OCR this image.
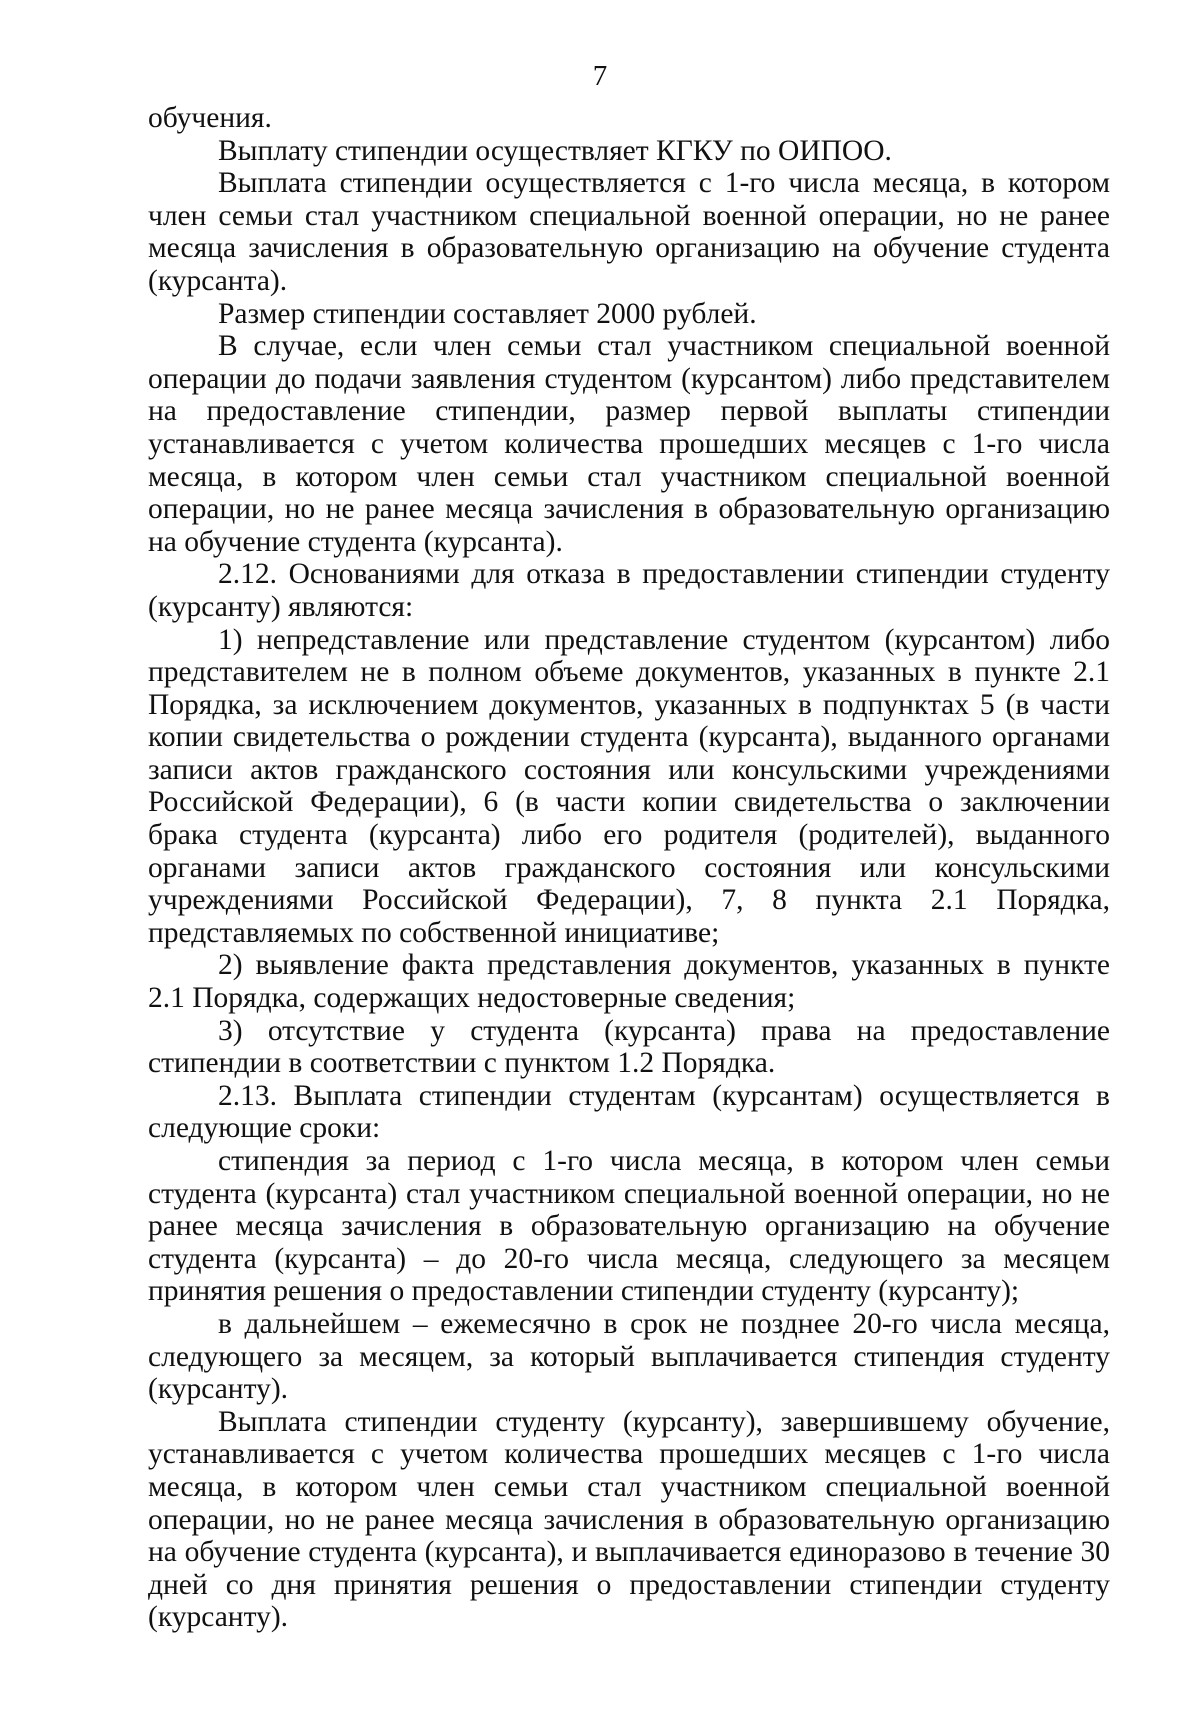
7

обучения.

Выплату стипендии осуществляет КГКУ по ОИПОО.

Выплата стипендии осуществляется с 1-го числа месяца, в котором член семьи стал участником специальной военной операции, но не ранее месяца зачисления в образовательную организацию на обучение студента (курсанта).

Размер стипендии составляет 2000 рублей.

В случае, если член семьи стал участником специальной военной операции до подачи заявления студентом (курсантом) либо представителем на предоставление стипендии, размер первой выплаты стипендии устанавливается с учетом количества прошедших месяцев с 1-го числа месяца, в котором член семьи стал участником специальной военной операции, но не ранее месяца зачисления в образовательную организацию на обучение студента (курсанта).

2.12. Основаниями для отказа в предоставлении стипендии студенту (курсанту) являются:

1) непредставление или представление студентом (курсантом) либо представителем не в полном объеме документов, указанных в пункте 2.1 Порядка, за исключением документов, указанных в подпунктах 5 (в части копии свидетельства о рождении студента (курсанта), выданного органами записи актов гражданского состояния или консульскими учреждениями Российской Федерации), 6 (в части копии свидетельства о заключении брака студента (курсанта) либо его родителя (родителей), выданного органами записи актов гражданского состояния или консульскими учреждениями Российской Федерации), 7, 8 пункта 2.1 Порядка, представляемых по собственной инициативе;

2) выявление факта представления документов, указанных в пункте 2.1 Порядка, содержащих недостоверные сведения;

3) отсутствие у студента (курсанта) права на предоставление стипендии в соответствии с пунктом 1.2 Порядка.

2.13. Выплата стипендии студентам (курсантам) осуществляется в следующие сроки:

стипендия за период с 1-го числа месяца, в котором член семьи студента (курсанта) стал участником специальной военной операции, но не ранее месяца зачисления в образовательную организацию на обучение студента (курсанта) – до 20-го числа месяца, следующего за месяцем принятия решения о предоставлении стипендии студенту (курсанту);

в дальнейшем – ежемесячно в срок не позднее 20-го числа месяца, следующего за месяцем, за который выплачивается стипендия студенту (курсанту).

Выплата стипендии студенту (курсанту), завершившему обучение, устанавливается с учетом количества прошедших месяцев с 1-го числа месяца, в котором член семьи стал участником специальной военной операции, но не ранее месяца зачисления в образовательную организацию на обучение студента (курсанта), и выплачивается единоразово в течение 30 дней со дня принятия решения о предоставлении стипендии студенту (курсанту).
